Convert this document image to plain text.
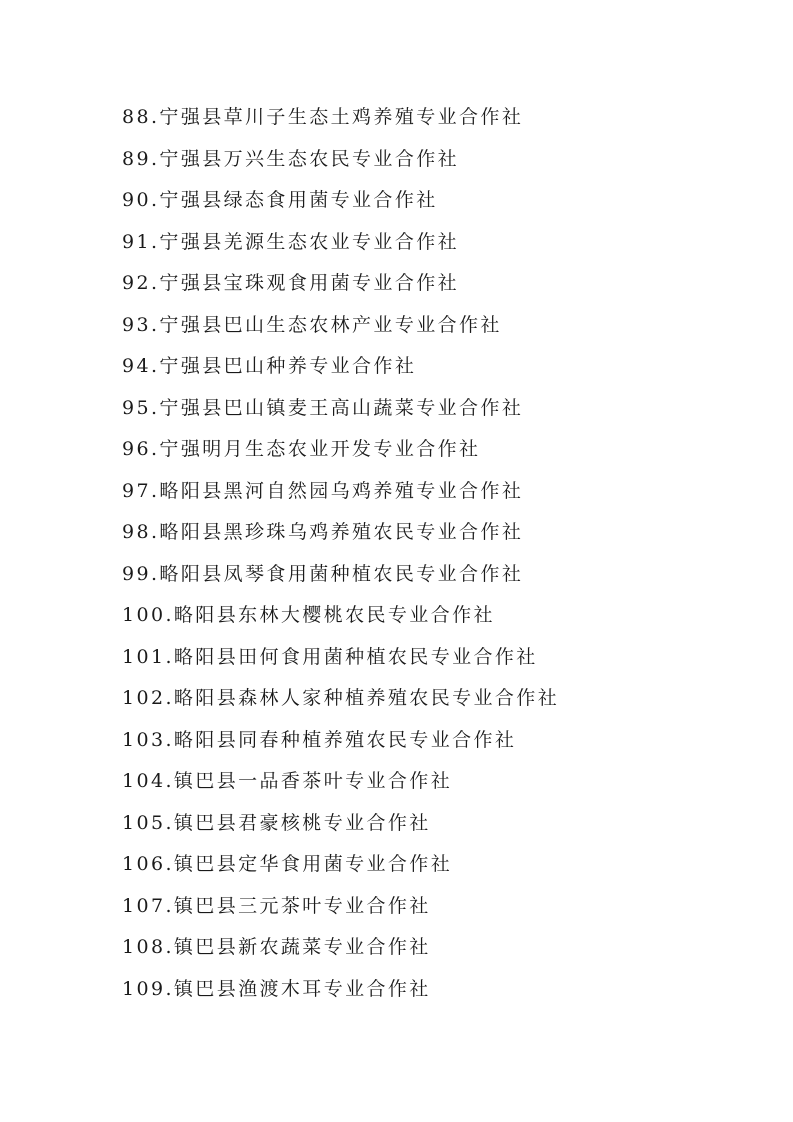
88.宁强县草川子生态土鸡养殖专业合作社
89.宁强县万兴生态农民专业合作社
90.宁强县绿态食用菌专业合作社
91.宁强县羌源生态农业专业合作社
92.宁强县宝珠观食用菌专业合作社
93.宁强县巴山生态农林产业专业合作社
94.宁强县巴山种养专业合作社
95.宁强县巴山镇麦王高山蔬菜专业合作社
96.宁强明月生态农业开发专业合作社
97.略阳县黑河自然园乌鸡养殖专业合作社
98.略阳县黑珍珠乌鸡养殖农民专业合作社
99.略阳县凤琴食用菌种植农民专业合作社
100.略阳县东林大樱桃农民专业合作社
101.略阳县田何食用菌种植农民专业合作社
102.略阳县森林人家种植养殖农民专业合作社
103.略阳县同春种植养殖农民专业合作社
104.镇巴县一品香茶叶专业合作社
105.镇巴县君豪核桃专业合作社
106.镇巴县定华食用菌专业合作社
107.镇巴县三元茶叶专业合作社
108.镇巴县新农蔬菜专业合作社
109.镇巴县渔渡木耳专业合作社
